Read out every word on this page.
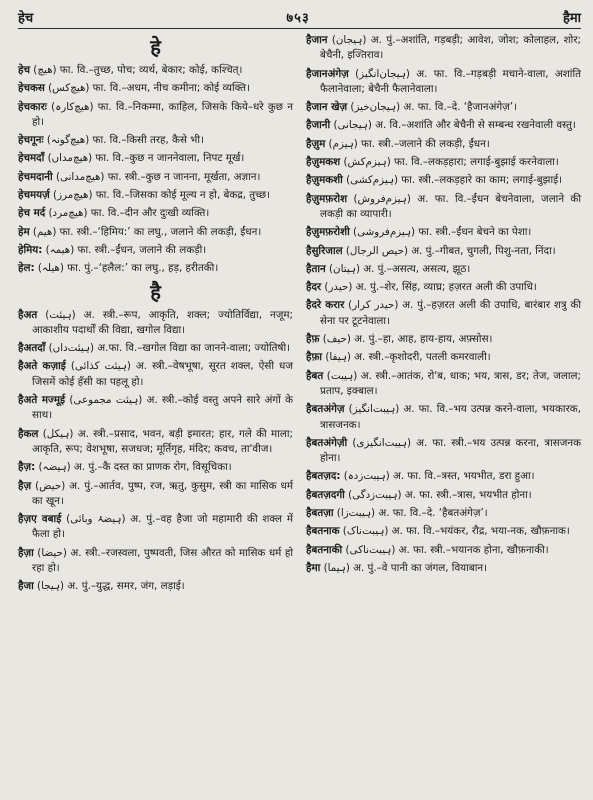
हेच	७५३	हैमा
हे

हेच (هیچ) फा. वि.–तुच्छ, पोच; व्यर्थ, बेकार; कोई, कश्चित्।

हेचकस (هیچ‌کس) फा. वि.–अधम, नीच कमीना; कोई व्यक्ति।

हेचकारः (هیچ‌کارہ) फा. वि.–निकम्मा, काहिल, जिसके किये–धरे कुछ न हो।

हेचगूनः (هیچ‌گونہ) फा. वि.–किसी तरह, कैसे भी।

हेचमदाँ (هیچ‌مداں) फा. वि.–कुछ न जाननेवाला, निपट मूर्ख।

हेचमदानी (هیچ‌مدانی) फा. स्त्री.–कुछ न जानना, मूर्खता, अज्ञान।

हेचमयर्ज़ (هیچ‌مرز) फा. वि.–जिसका कोई मूल्य न हो, बेकद्र, तुच्छ।

हेच मर्द (هیچ‌مرد) फा. वि.–दीन और दुःखी व्यक्ति।

हेम (هیم) फा. स्त्री.–‘हिमिय:’ का लघु., जलाने की लकड़ी, ईंधन।

हेमिय: (هیمہ) फा. स्त्री.–ईंधन, जलाने की लकड़ी।

हेल: (هیلہ) फा. पुं.–‘हलैल:’ का लघु., हड़, हरीतकी।

है

हैअत (ہیئت) अ. स्त्री.–रूप, आकृति, शक्ल; ज्योतिर्विद्या, नजूम; आकाशीय पदार्थों की विद्या, खगोल विद्या।

हैअतदाँ (ہیئت‌داں) अ.फा. वि.–खगोल विद्या का जानने-वाला; ज्योतिषी।

हैअते कज़ाई (ہیئت کذائی) अ. स्त्री.–वेषभूषा, सूरत शक्ल, ऐसी धज जिसमें कोई हँसी का पहलू हो।

हैअते मज्मूई (ہیئت مجموعی) अ. स्त्री.–कोई वस्तु अपने सारे अंगों के साथ।

हैकल (ہیکل) अ. स्त्री.–प्रसाद, भवन, बड़ी इमारत; हार, गले की माला; आकृति, रूप; वेशभूषा, सजधज; मूर्तिगृह, मंदिर; कवच, ता'वीज।

हैज़: (ہیضہ) अ. पुं.–कै दस्त का प्राणक रोग, विसूचिका।

हैज़ (حیض) अ. पुं.–आर्तव, पुष्प, रज, ऋतु, कुसुम, स्त्री का मासिक धर्म का खून।

हैज़ए वबाई (ہیضۂ وبائی) अ. पुं.–वह हैजा जो महामारी की शक्ल में फैला हो।

हैज़ा (حیضا) अ. स्त्री.–रजस्वला, पुष्पवती, जिस औरत को मासिक धर्म हो रहा हो।

हैजा (ہیجا) अ. पुं.–युद्ध, समर, जंग, लड़ाई।

हैजान (ہیجان) अ. पुं.–अशांति, गड़बड़ी; आवेश, जोश; कोलाहल, शोर; बेचैनी, इज्तिराव।

हैजानअंगेज़ (ہیجان‌انگیز) अ. फा. वि.–गड़बड़ी मचाने-वाला, अशांति फैलानेवाला; बेचैनी फैलानेवाला।

हैजान खेज़ (ہیجان‌خیز) अ. फा. वि.–दे. ‘हैजानअंगेज़’।

हैजानी (ہیجانی) अ. वि.–अशांति और बेचैनी से सम्बन्ध रखनेवाली वस्तु।

हैज़ुम (ہیزم) फा. स्त्री.–जलाने की लकड़ी, ईंधन।

हैज़ुमकश (ہیزم‌کش) फा. वि.–लकड़हारा; लगाई-बुझाई करनेवाला।

हैज़ुमकशी (ہیزم‌کشی) फा. स्त्री.–लकड़हारे का काम; लगाई-बुझाई।

हैज़ुमफ़रोश (ہیزم‌فروش) अ. फा. वि.–ईंधन बेचनेवाला, जलाने की लकड़ी का व्यापारी।

हैज़ुमफ़रोशी (ہیزم‌فروشی) फा. स्त्री.–ईंधन बेचने का पेशा।

हैसुरिजाल (حیص الرجال) अ. पुं.–गीबत, चुगली, पिशु-नता, निंदा।

हैतान (ہیتان) अ. पुं.–असत्य, असत्य, झूठ।

हैदर (حیدر) अ. पुं.–शेर, सिंह, व्याघ्र; हज़रत अली की उपाधि।

हैदरे करार (حیدر کرار) अ. पुं.–हज़रत अली की उपाधि, बारंबार शत्रु की सेना पर टूटनेवाला।

हैफ़ (حیف) अ. पुं.–हा, आह, हाय-हाय, अफ़्सोस।

हैफ़ा (ہیفا) अ. स्त्री.–कृशोदरी, पतली कमरवाली।

हैबत (ہیبت) अ. स्त्री.–आतंक, रो'ब, धाक; भय, त्रास, डर; तेज, जलाल; प्रताप, इक्बाल।

हैबतअंगेज़ (ہیبت‌انگیز) अ. फा. वि.–भय उत्पन्न करने-वाला, भयकारक, त्रासजनक।

हैबतअंगेज़ी (ہیبت‌انگیزی) अ. फा. स्त्री.–भय उत्पन्न करना, त्रासजनक होना।

हैबतज़द: (ہیبت‌زدہ) अ. फा. वि.–त्रस्त, भयभीत, डरा हुआ।

हैबतज़दगी (ہیبت‌زدگی) अ. फा. स्त्री.–त्रास, भयभीत होना।

हैबतज़ा (ہیبت‌زا) अ. फा. वि.–दे. ‘हैबतअंगेज़’।

हैबतनाक (ہیبت‌ناک) अ. फा. वि.–भयंकर, रौद्र, भया-नक, खौफ़नाक।

हैबतनाकी (ہیبت‌ناکی) अ. फा. स्त्री.–भयानक होना, खौफ़नाकी।

हैमा (ہیما) अ. पुं.–वे पानी का जंगल, वियाबान।
